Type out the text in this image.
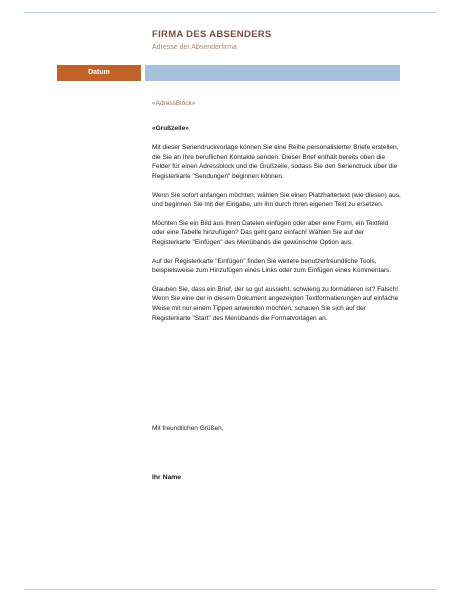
FIRMA DES ABSENDERS
Adresse der Absenderfirma
Datum
«AdressBlock»
«Grußzeile»

Mit dieser Seriendruckvorlage können Sie eine Reihe personalisierter Briefe erstellen, die Sie an Ihre beruflichen Kontakte senden. Dieser Brief enthält bereits oben die Felder für einen Adressblock und die Grußzeile, sodass Sie den Seriendruck über die Registerkarte "Sendungen" beginnen können.

Wenn Sie sofort anfangen möchten, wählen Sie einen Platzhaltertext (wie diesen) aus, und beginnen Sie mit der Eingabe, um ihn durch Ihren eigenen Text zu ersetzen.

Möchten Sie ein Bild aus Ihren Dateien einfügen oder aber eine Form, ein Textfeld oder eine Tabelle hinzufügen? Das geht ganz einfach! Wählen Sie auf der Registerkarte "Einfügen" des Menübands die gewünschte Option aus.

Auf der Registerkarte "Einfügen" finden Sie weitere benutzerfreundliche Tools, beispielsweise zum Hinzufügen eines Links oder zum Einfügen eines Kommentars.

Glauben Sie, dass ein Brief, der so gut aussieht, schwierig zu formatieren ist? Falsch! Wenn Sie eine der in diesem Dokument angezeigten Textformatierungen auf einfache Weise mit nur einem Tippen anwenden möchten, schauen Sie sich auf der Registerkarte "Start" des Menübands die Formatvorlagen an.

Mit freundlichen Grüßen,
Ihr Name
